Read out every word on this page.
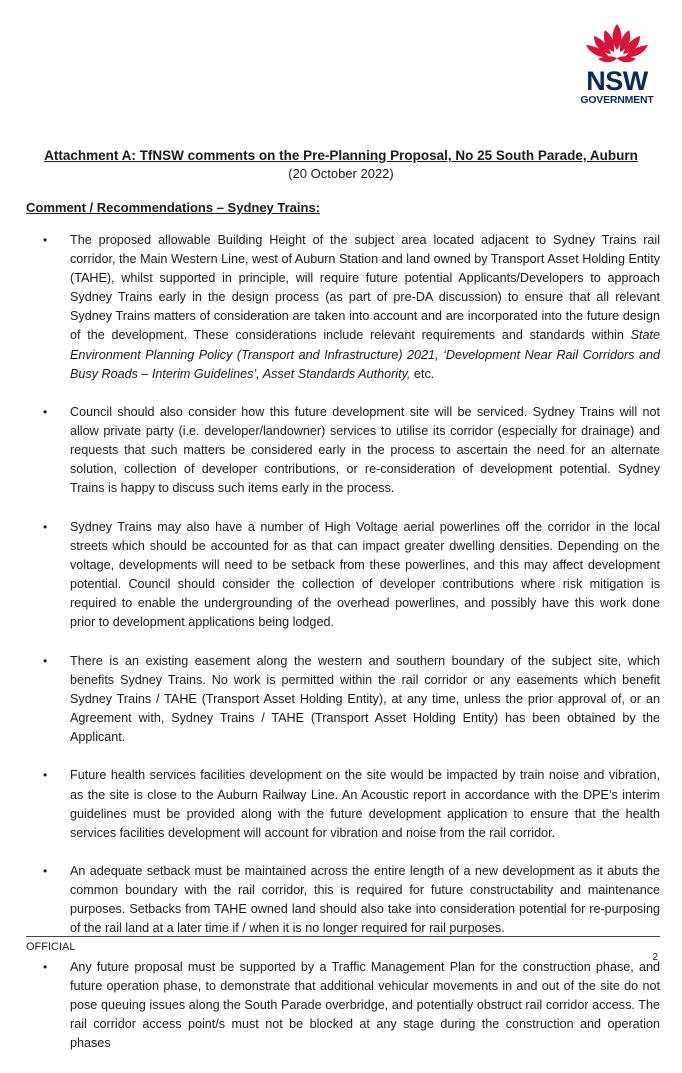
NSW
GOVERNMENT
Attachment A: TfNSW comments on the Pre-Planning Proposal, No 25 South Parade, Auburn
(20 October 2022)
Comment / Recommendations – Sydney Trains:
• The proposed allowable Building Height of the subject area located adjacent to Sydney Trains rail corridor, the Main Western Line, west of Auburn Station and land owned by Transport Asset Holding Entity (TAHE), whilst supported in principle, will require future potential Applicants/Developers to approach Sydney Trains early in the design process (as part of pre-DA discussion) to ensure that all relevant Sydney Trains matters of consideration are taken into account and are incorporated into the future design of the development. These considerations include relevant requirements and standards within State Environment Planning Policy (Transport and Infrastructure) 2021, ‘Development Near Rail Corridors and Busy Roads – Interim Guidelines’, Asset Standards Authority, etc.
• Council should also consider how this future development site will be serviced. Sydney Trains will not allow private party (i.e. developer/landowner) services to utilise its corridor (especially for drainage) and requests that such matters be considered early in the process to ascertain the need for an alternate solution, collection of developer contributions, or re-consideration of development potential. Sydney Trains is happy to discuss such items early in the process.
• Sydney Trains may also have a number of High Voltage aerial powerlines off the corridor in the local streets which should be accounted for as that can impact greater dwelling densities. Depending on the voltage, developments will need to be setback from these powerlines, and this may affect development potential. Council should consider the collection of developer contributions where risk mitigation is required to enable the undergrounding of the overhead powerlines, and possibly have this work done prior to development applications being lodged.
• There is an existing easement along the western and southern boundary of the subject site, which benefits Sydney Trains. No work is permitted within the rail corridor or any easements which benefit Sydney Trains / TAHE (Transport Asset Holding Entity), at any time, unless the prior approval of, or an Agreement with, Sydney Trains / TAHE (Transport Asset Holding Entity) has been obtained by the Applicant.
• Future health services facilities development on the site would be impacted by train noise and vibration, as the site is close to the Auburn Railway Line. An Acoustic report in accordance with the DPE’s interim guidelines must be provided along with the future development application to ensure that the health services facilities development will account for vibration and noise from the rail corridor.
• An adequate setback must be maintained across the entire length of a new development as it abuts the common boundary with the rail corridor, this is required for future constructability and maintenance purposes. Setbacks from TAHE owned land should also take into consideration potential for re-purposing of the rail land at a later time if / when it is no longer required for rail purposes.
• Any future proposal must be supported by a Traffic Management Plan for the construction phase, and future operation phase, to demonstrate that additional vehicular movements in and out of the site do not pose queuing issues along the South Parade overbridge, and potentially obstruct rail corridor access. The rail corridor access point/s must not be blocked at any stage during the construction and operation phases
OFFICIAL
2
